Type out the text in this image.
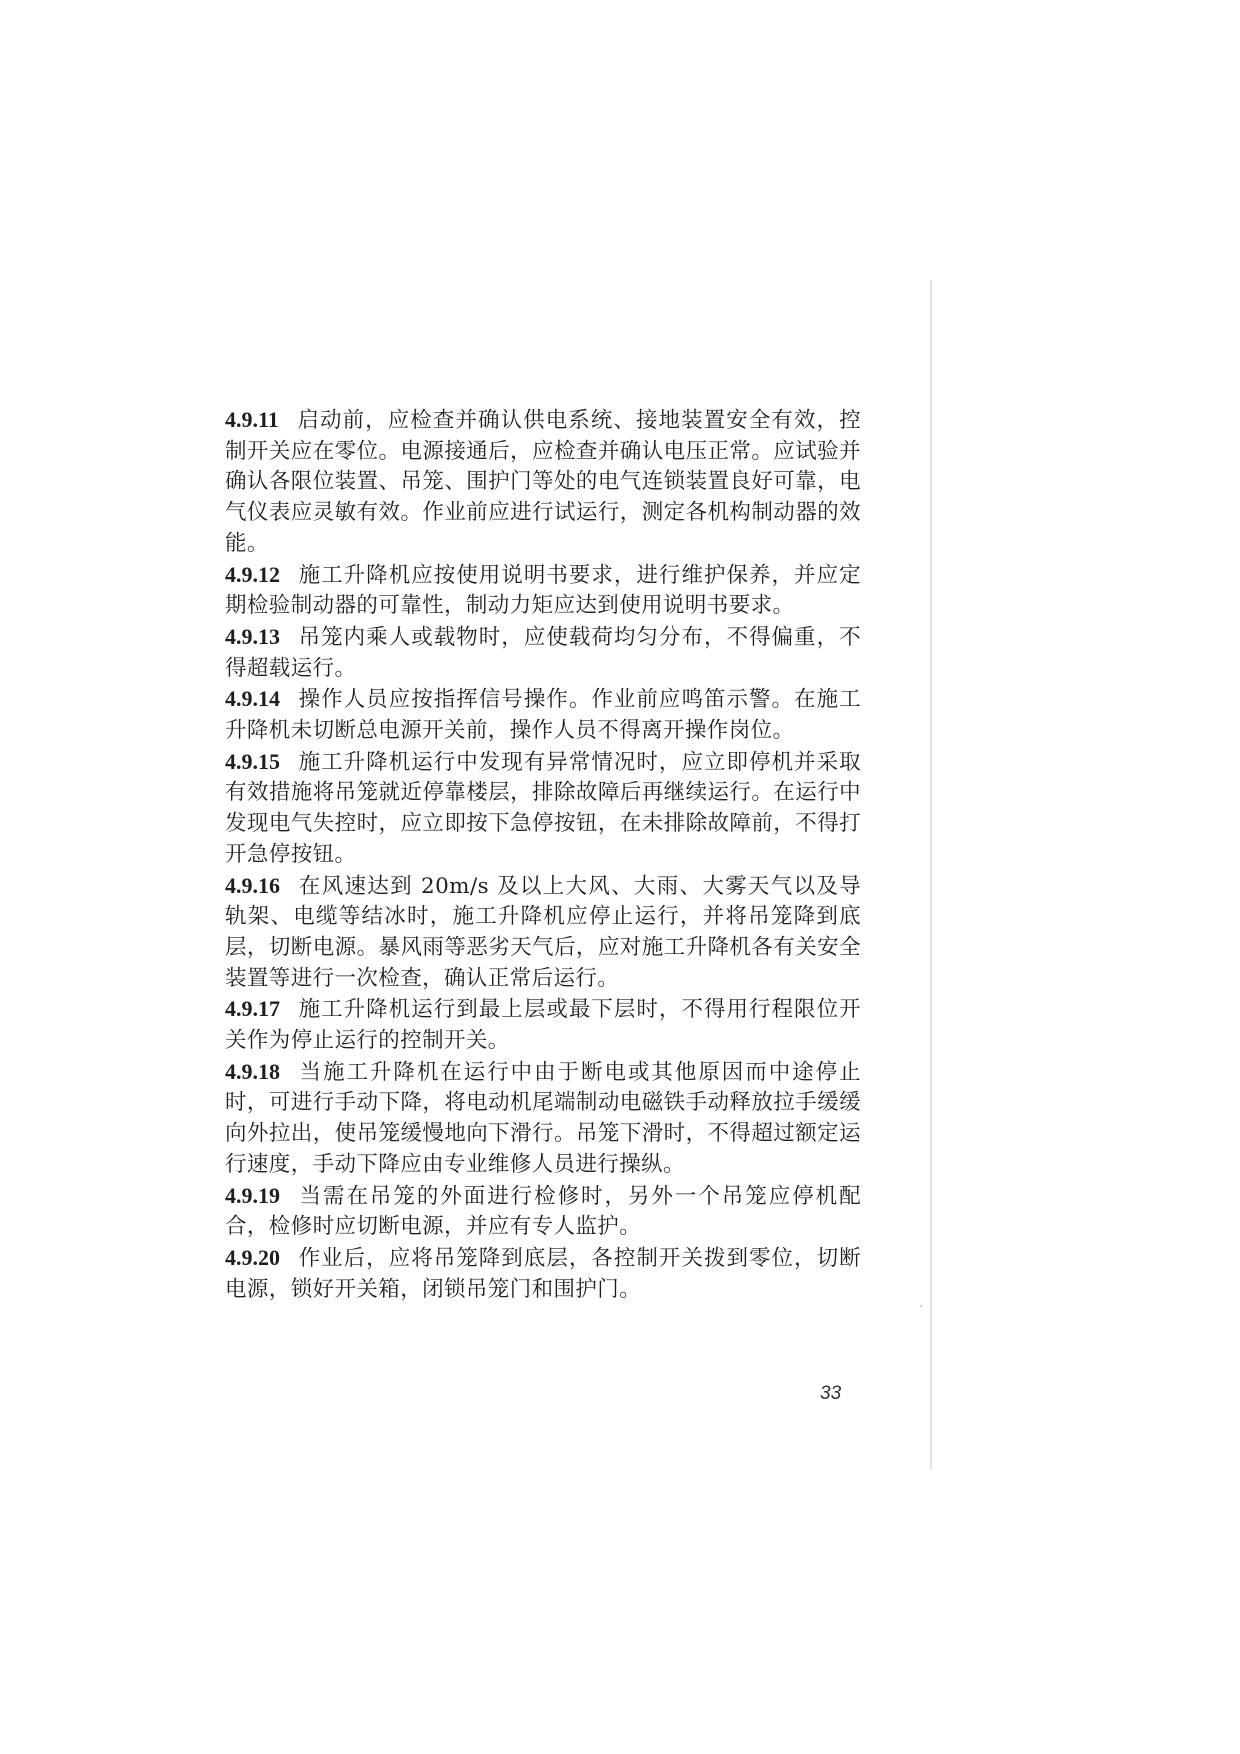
4.9.11 启动前，应检查并确认供电系统、接地装置安全有效，控制开关应在零位。电源接通后，应检查并确认电压正常。应试验并确认各限位装置、吊笼、围护门等处的电气连锁装置良好可靠，电气仪表应灵敏有效。作业前应进行试运行，测定各机构制动器的效能。

4.9.12 施工升降机应按使用说明书要求，进行维护保养，并应定期检验制动器的可靠性，制动力矩应达到使用说明书要求。

4.9.13 吊笼内乘人或载物时，应使载荷均匀分布，不得偏重，不得超载运行。

4.9.14 操作人员应按指挥信号操作。作业前应鸣笛示警。在施工升降机未切断总电源开关前，操作人员不得离开操作岗位。

4.9.15 施工升降机运行中发现有异常情况时，应立即停机并采取有效措施将吊笼就近停靠楼层，排除故障后再继续运行。在运行中发现电气失控时，应立即按下急停按钮，在未排除故障前，不得打开急停按钮。

4.9.16 在风速达到 20m/s 及以上大风、大雨、大雾天气以及导轨架、电缆等结冰时，施工升降机应停止运行，并将吊笼降到底层，切断电源。暴风雨等恶劣天气后，应对施工升降机各有关安全装置等进行一次检查，确认正常后运行。

4.9.17 施工升降机运行到最上层或最下层时，不得用行程限位开关作为停止运行的控制开关。

4.9.18 当施工升降机在运行中由于断电或其他原因而中途停止时，可进行手动下降，将电动机尾端制动电磁铁手动释放拉手缓缓向外拉出，使吊笼缓慢地向下滑行。吊笼下滑时，不得超过额定运行速度，手动下降应由专业维修人员进行操纵。

4.9.19 当需在吊笼的外面进行检修时，另外一个吊笼应停机配合，检修时应切断电源，并应有专人监护。

4.9.20 作业后，应将吊笼降到底层，各控制开关拨到零位，切断电源，锁好开关箱，闭锁吊笼门和围护门。

33
